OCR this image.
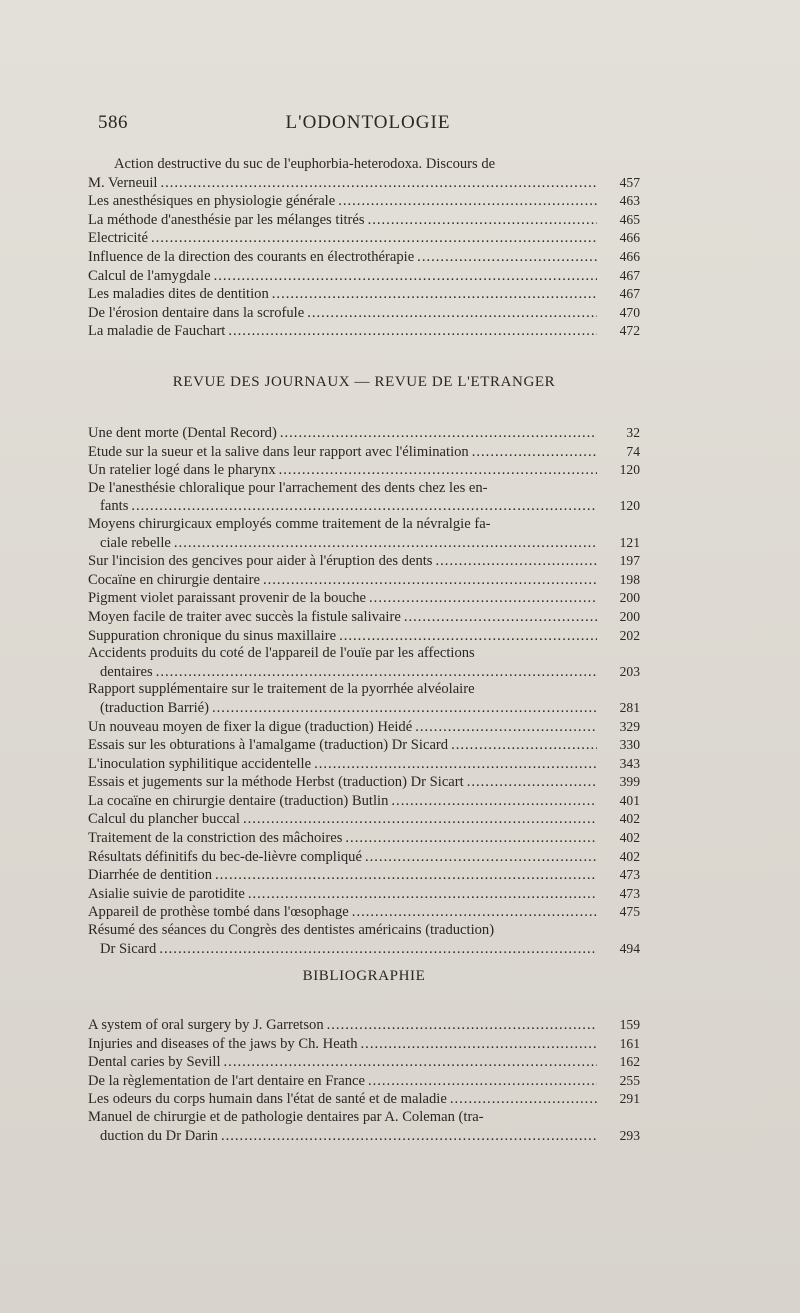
586	L'ODONTOLOGIE
Action destructive du suc de l'euphorbia-heterodoxa. Discours de
M. Verneuil .....	457
Les anesthésiques en physiologie générale .....	463
La méthode d'anesthésie par les mélanges titrés .....	465
Electricité .....	466
Influence de la direction des courants en électrothérapie .....	466
Calcul de l'amygdale .....	467
Les maladies dites de dentition .....	467
De l'érosion dentaire dans la scrofule .....	470
La maladie de Fauchart .....	472
REVUE DES JOURNAUX — REVUE DE L'ETRANGER
Une dent morte (Dental Record) .....	32
Etude sur la sueur et la salive dans leur rapport avec l'élimination .....	74
Un ratelier logé dans le pharynx .....	120
De l'anesthésie chloralique pour l'arrachement des dents chez les en-
fants .....	120
Moyens chirurgicaux employés comme traitement de la névralgie fa-
ciale rebelle .....	121
Sur l'incision des gencives pour aider à l'éruption des dents .....	197
Cocaïne en chirurgie dentaire .....	198
Pigment violet paraissant provenir de la bouche .....	200
Moyen facile de traiter avec succès la fistule salivaire .....	200
Suppuration chronique du sinus maxillaire .....	202
Accidents produits du coté de l'appareil de l'ouïe par les affections
dentaires .....	203
Rapport supplémentaire sur le traitement de la pyorrhée alvéolaire
(traduction Barrié) .....	281
Un nouveau moyen de fixer la digue (traduction) Heidé .....	329
Essais sur les obturations à l'amalgame (traduction) Dr Sicard .....	330
L'inoculation syphilitique accidentelle .....	343
Essais et jugements sur la méthode Herbst (traduction) Dr Sicart .....	399
La cocaïne en chirurgie dentaire (traduction) Butlin .....	401
Calcul du plancher buccal .....	402
Traitement de la constriction des mâchoires .....	402
Résultats définitifs du bec-de-lièvre compliqué .....	402
Diarrhée de dentition .....	473
Asialie suivie de parotidite .....	473
Appareil de prothèse tombé dans l'œsophage .....	475
Résumé des séances du Congrès des dentistes américains (traduction)
Dr Sicard .....	494
BIBLIOGRAPHIE
A system of oral surgery by J. Garretson .....	159
Injuries and diseases of the jaws by Ch. Heath .....	161
Dental caries by Sevill .....	162
De la règlementation de l'art dentaire en France .....	255
Les odeurs du corps humain dans l'état de santé et de maladie .....	291
Manuel de chirurgie et de pathologie dentaires par A. Coleman (tra-
duction du Dr Darin .....	293
